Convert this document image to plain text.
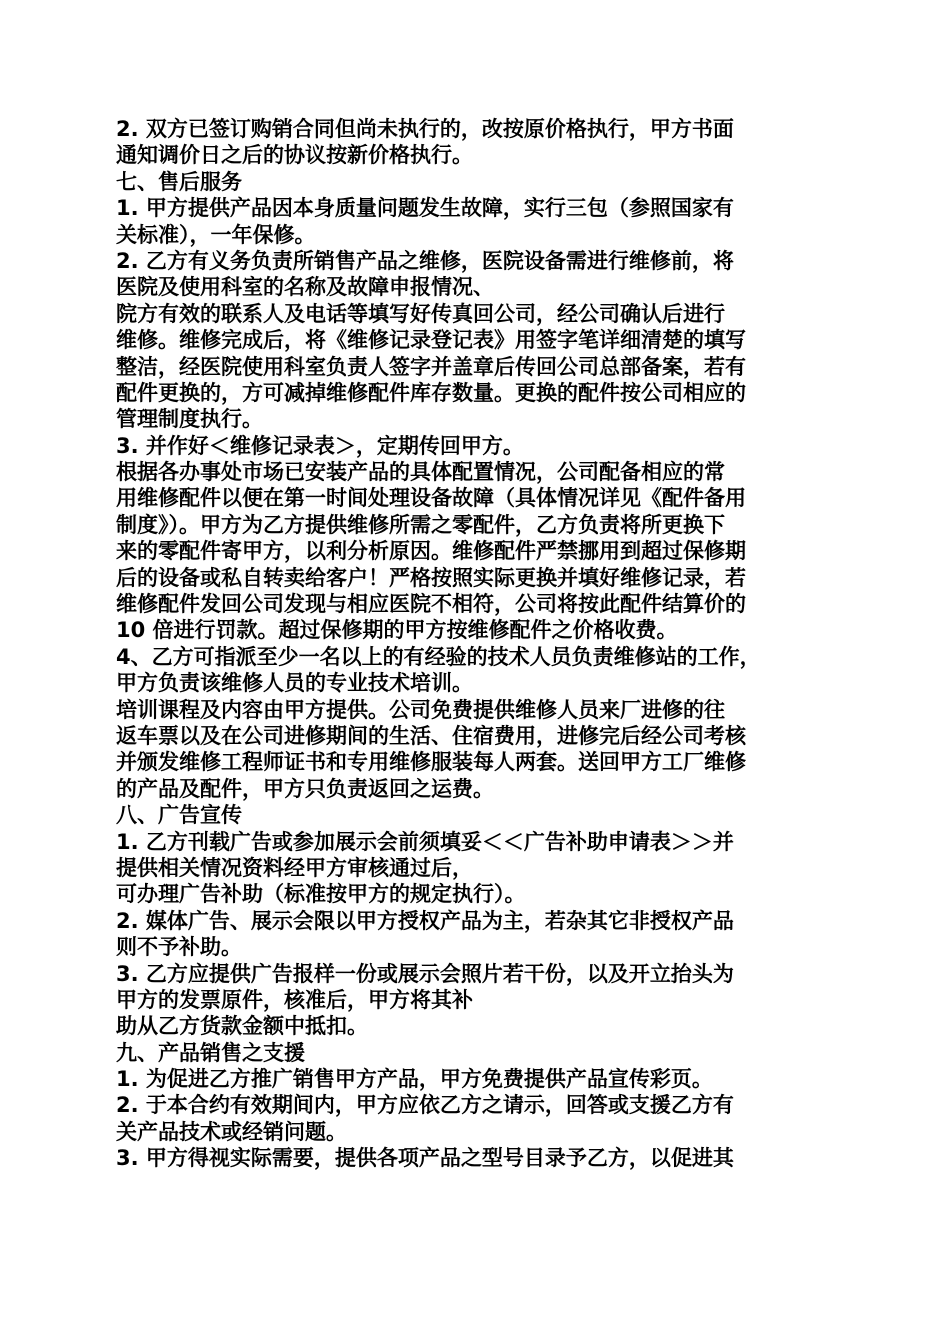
2. 双方已签订购销合同但尚未执行的，改按原价格执行，甲方书面
通知调价日之后的协议按新价格执行。
七、售后服务
1. 甲方提供产品因本身质量问题发生故障，实行三包（参照国家有
关标准），一年保修。
2. 乙方有义务负责所销售产品之维修，医院设备需进行维修前，将
医院及使用科室的名称及故障申报情况、
院方有效的联系人及电话等填写好传真回公司，经公司确认后进行
维修。维修完成后，将《维修记录登记表》用签字笔详细清楚的填写
整洁，经医院使用科室负责人签字并盖章后传回公司总部备案，若有
配件更换的，方可减掉维修配件库存数量。更换的配件按公司相应的
管理制度执行。
3. 并作好＜维修记录表＞，定期传回甲方。
根据各办事处市场已安装产品的具体配置情况，公司配备相应的常
用维修配件以便在第一时间处理设备故障（具体情况详见《配件备用
制度》）。甲方为乙方提供维修所需之零配件，乙方负责将所更换下
来的零配件寄甲方，以利分析原因。维修配件严禁挪用到超过保修期
后的设备或私自转卖给客户！严格按照实际更换并填好维修记录，若
维修配件发回公司发现与相应医院不相符，公司将按此配件结算价的
10 倍进行罚款。超过保修期的甲方按维修配件之价格收费。
4、乙方可指派至少一名以上的有经验的技术人员负责维修站的工作，
甲方负责该维修人员的专业技术培训。
培训课程及内容由甲方提供。公司免费提供维修人员来厂进修的往
返车票以及在公司进修期间的生活、住宿费用，进修完后经公司考核
并颁发维修工程师证书和专用维修服装每人两套。送回甲方工厂维修
的产品及配件，甲方只负责返回之运费。
八、广告宣传
1. 乙方刊载广告或参加展示会前须填妥＜＜广告补助申请表＞＞并
提供相关情况资料经甲方审核通过后，
可办理广告补助（标准按甲方的规定执行）。
2. 媒体广告、展示会限以甲方授权产品为主，若杂其它非授权产品
则不予补助。
3. 乙方应提供广告报样一份或展示会照片若干份，以及开立抬头为
甲方的发票原件，核准后，甲方将其补
助从乙方货款金额中抵扣。
九、产品销售之支援
1. 为促进乙方推广销售甲方产品，甲方免费提供产品宣传彩页。
2. 于本合约有效期间内，甲方应依乙方之请示，回答或支援乙方有
关产品技术或经销问题。
3. 甲方得视实际需要，提供各项产品之型号目录予乙方，以促进其
